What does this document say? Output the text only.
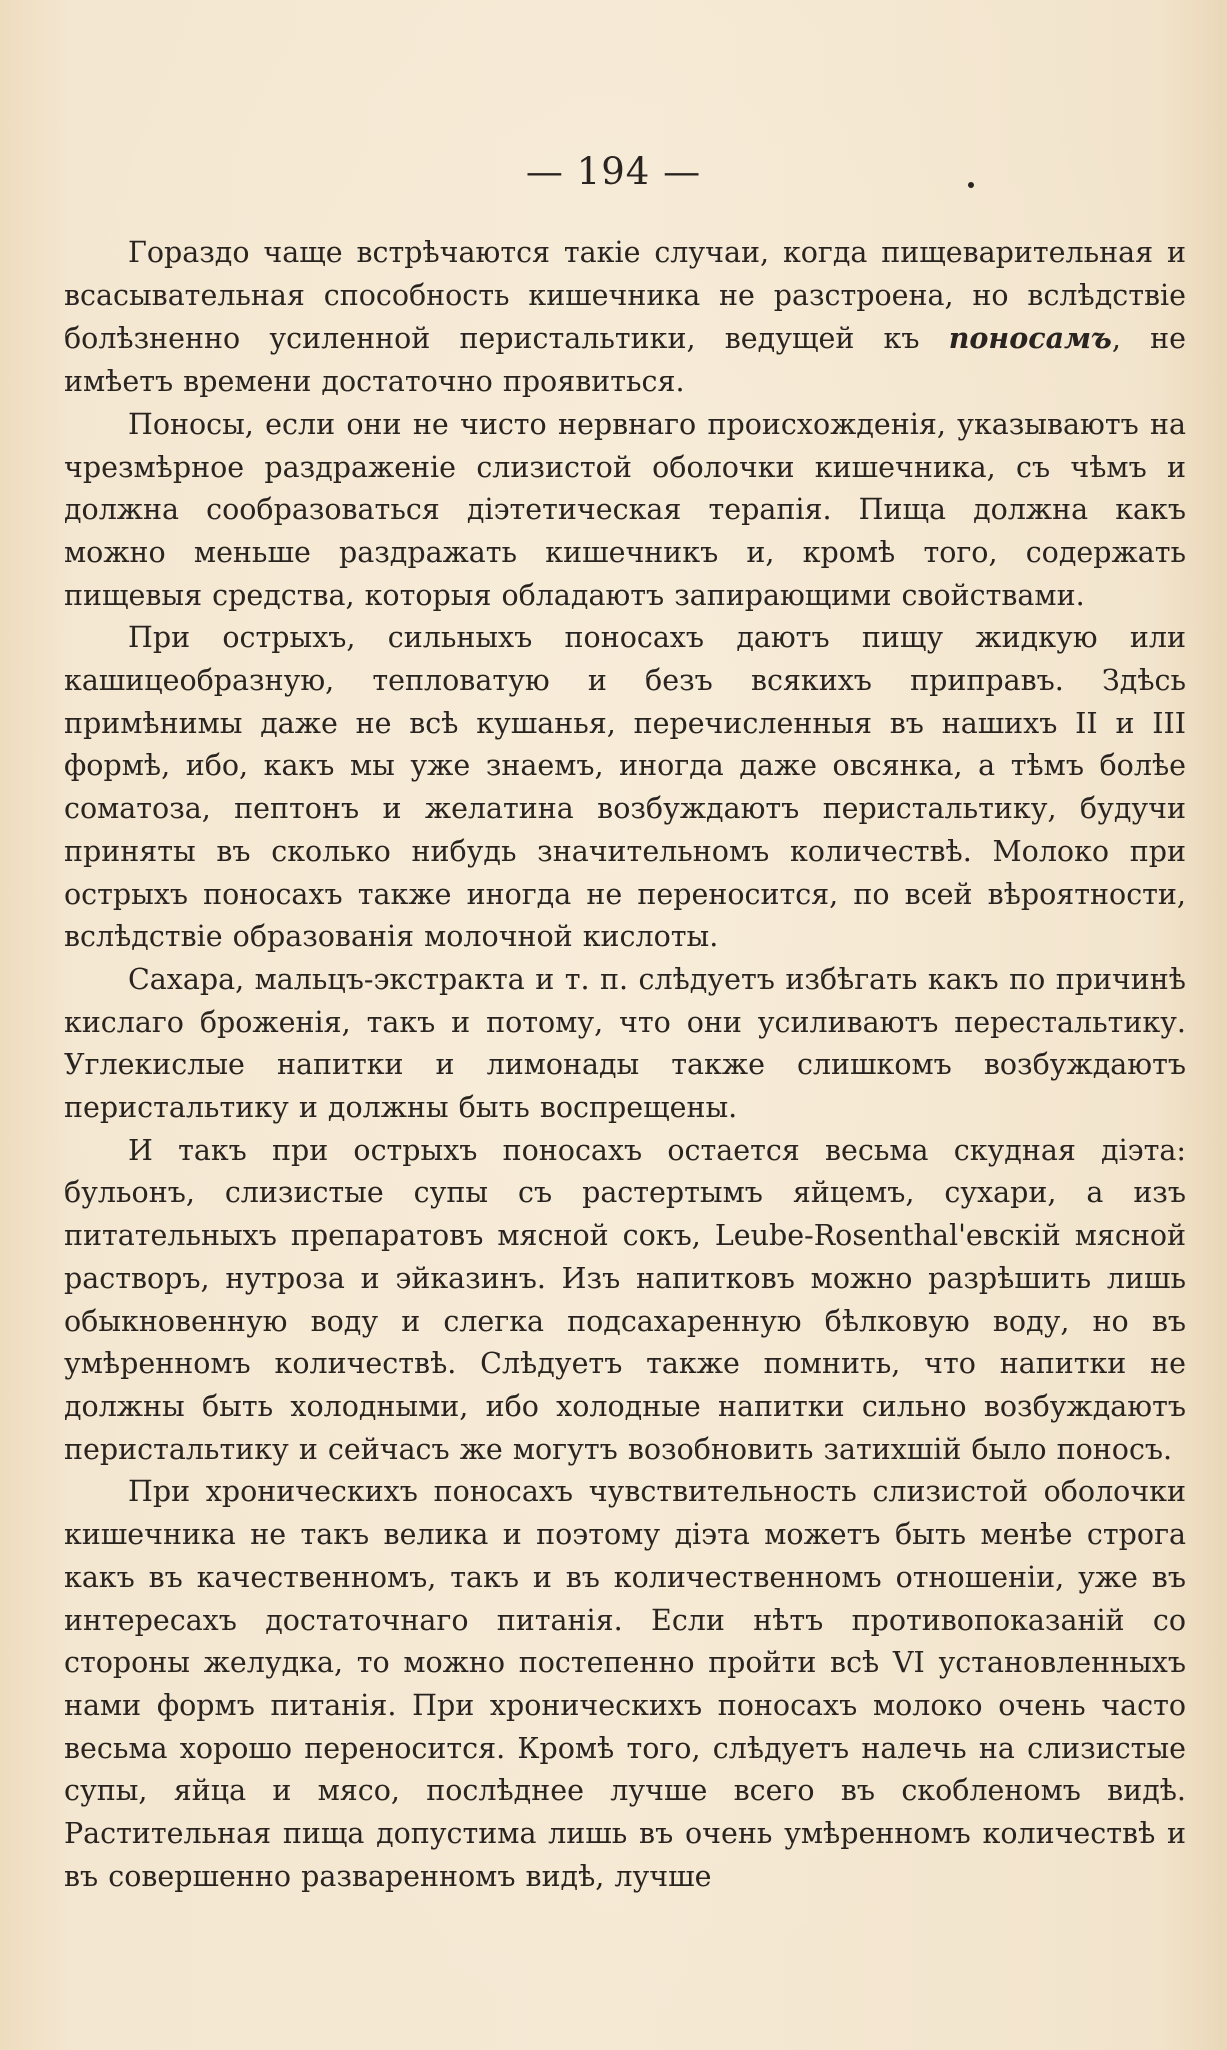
— 194 —

Гораздо чаще встрѣчаются такіе случаи, когда пищеварительная и всасывательная способность кишечника не разстроена, но вслѣдствіе болѣзненно усиленной перистальтики, ведущей къ поносамъ, не имѣетъ времени достаточно проявиться.

Поносы, если они не чисто нервнаго происхожденія, указываютъ на чрезмѣрное раздраженіе слизистой оболочки кишечника, съ чѣмъ и должна сообразоваться діэтетическая терапія. Пища должна какъ можно меньше раздражать кишечникъ и, кромѣ того, содержать пищевыя средства, которыя обладаютъ запирающими свойствами.

При острыхъ, сильныхъ поносахъ даютъ пищу жидкую или кашицеобразную, тепловатую и безъ всякихъ приправъ. Здѣсь примѣнимы даже не всѣ кушанья, перечисленныя въ нашихъ II и III формѣ, ибо, какъ мы уже знаемъ, иногда даже овсянка, а тѣмъ болѣе соматоза, пептонъ и желатина возбуждаютъ перистальтику, будучи приняты въ сколько нибудь значительномъ количествѣ. Молоко при острыхъ поносахъ также иногда не переносится, по всей вѣроятности, вслѣдствіе образованія молочной кислоты.

Сахара, мальцъ-экстракта и т. п. слѣдуетъ избѣгать какъ по причинѣ кислаго броженія, такъ и потому, что они усиливаютъ перестальтику. Углекислые напитки и лимонады также слишкомъ возбуждаютъ перистальтику и должны быть воспрещены.

И такъ при острыхъ поносахъ остается весьма скудная діэта: бульонъ, слизистые супы съ растертымъ яйцемъ, сухари, а изъ питательныхъ препаратовъ мясной сокъ, Leube-Rosenthal'евскій мясной растворъ, нутроза и эйказинъ. Изъ напитковъ можно разрѣшить лишь обыкновенную воду и слегка подсахаренную бѣлковую воду, но въ умѣренномъ количествѣ. Слѣдуетъ также помнить, что напитки не должны быть холодными, ибо холодные напитки сильно возбуждаютъ перистальтику и сейчасъ же могутъ возобновить затихшій было поносъ.

При хроническихъ поносахъ чувствительность слизистой оболочки кишечника не такъ велика и поэтому діэта можетъ быть менѣе строга какъ въ качественномъ, такъ и въ количественномъ отношеніи, уже въ интересахъ достаточнаго питанія. Если нѣтъ противопоказаній со стороны желудка, то можно постепенно пройти всѣ VI установленныхъ нами формъ питанія. При хроническихъ поносахъ молоко очень часто весьма хорошо переносится. Кромѣ того, слѣдуетъ налечь на слизистые супы, яйца и мясо, послѣднее лучше всего въ скобленомъ видѣ. Растительная пища допустима лишь въ очень умѣренномъ количествѣ и въ совершенно разваренномъ видѣ, лучше
